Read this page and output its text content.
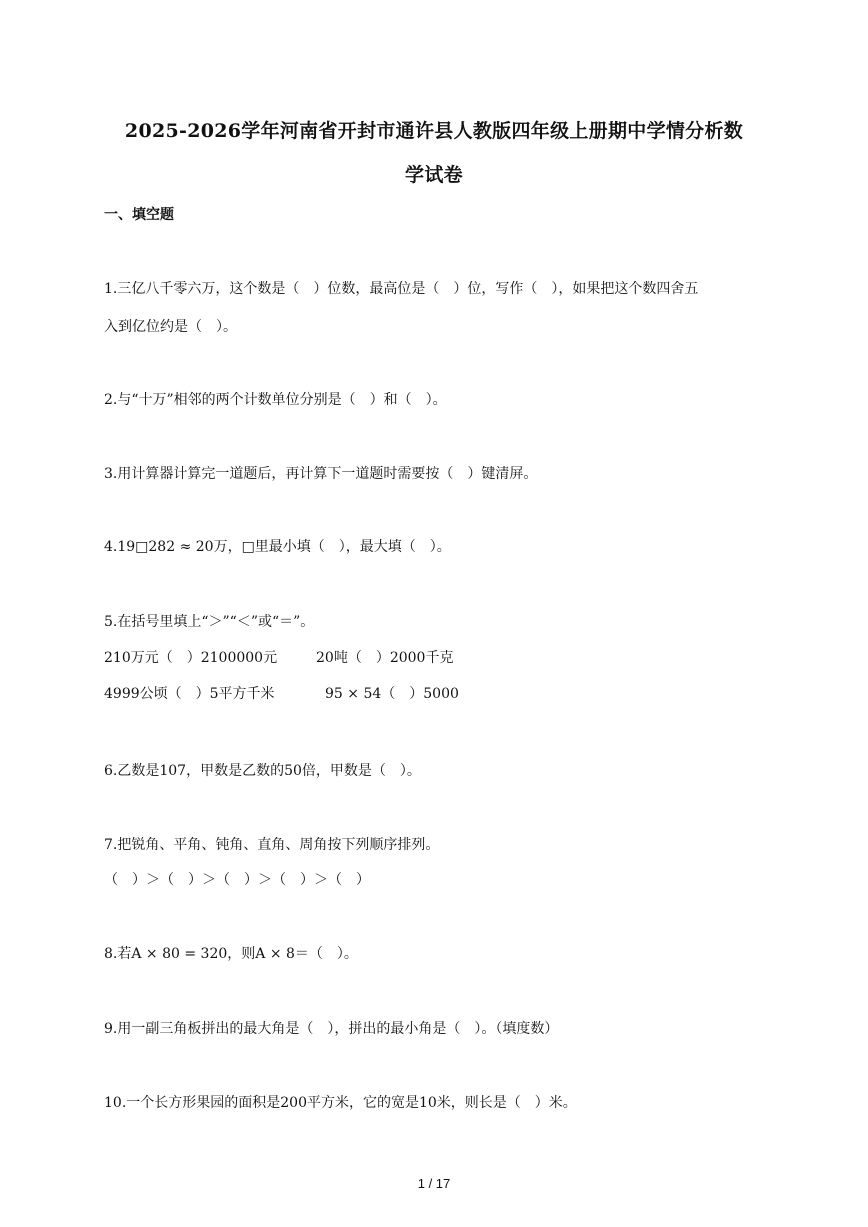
2025-2026学年河南省开封市通许县人教版四年级上册期中学情分析数
学试卷
一、填空题
1.三亿八千零六万，这个数是（　）位数，最高位是（　）位，写作（　），如果把这个数四舍五
入到亿位约是（　）。
2.与“十万”相邻的两个计数单位分别是（　）和（　）。
3.用计算器计算完一道题后，再计算下一道题时需要按（　）键清屏。
4.19□282 ≈ 20万，□里最小填（　），最大填（　）。
5.在括号里填上“＞”“＜”或“＝”。
210万元（　）2100000元	20吨（　）2000千克
4999公顷（　）5平方千米	95 × 54（　）5000
6.乙数是107，甲数是乙数的50倍，甲数是（　）。
7.把锐角、平角、钝角、直角、周角按下列顺序排列。
（　）＞（　）＞（　）＞（　）＞（　）
8.若A × 80 = 320，则A × 8＝（　）。
9.用一副三角板拼出的最大角是（　），拼出的最小角是（　）。（填度数）
10.一个长方形果园的面积是200平方米，它的宽是10米，则长是（　）米。
1 / 17
